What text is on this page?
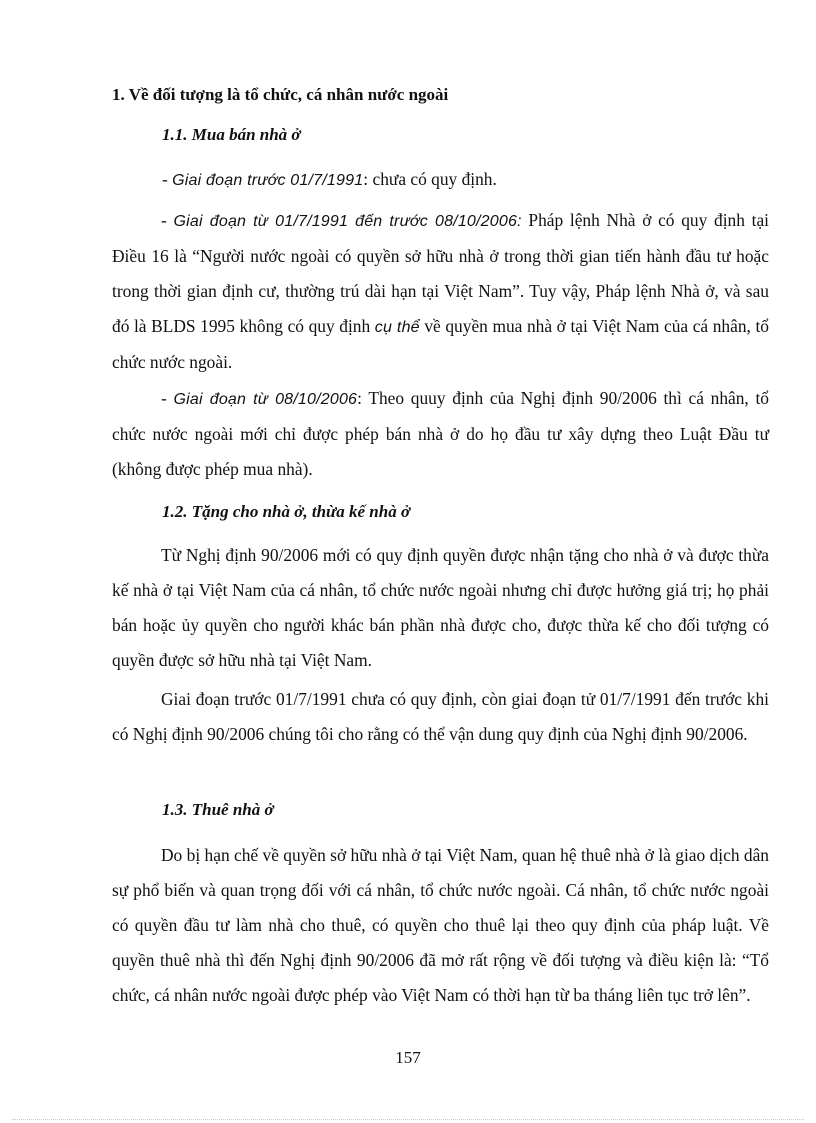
1. Về đối tượng là tổ chức, cá nhân nước ngoài
1.1. Mua bán nhà ở
- Giai đoạn trước 01/7/1991: chưa có quy định.
- Giai đoạn từ 01/7/1991 đến trước 08/10/2006: Pháp lệnh Nhà ở có quy định tại Điều 16 là “Người nước ngoài có quyền sở hữu nhà ở trong thời gian tiến hành đầu tư hoặc trong thời gian định cư, thường trú dài hạn tại Việt Nam”. Tuy vậy, Pháp lệnh Nhà ở, và sau đó là BLDS 1995 không có quy định cụ thể về quyền mua nhà ở tại Việt Nam của cá nhân, tổ chức nước ngoài.
- Giai đoạn từ 08/10/2006: Theo quuy định của Nghị định 90/2006 thì cá nhân, tổ chức nước ngoài mới chỉ được phép bán nhà ở do họ đầu tư xây dựng theo Luật Đầu tư (không được phép mua nhà).
1.2. Tặng cho nhà ở, thừa kế nhà ở
Từ Nghị định 90/2006 mới có quy định quyền được nhận tặng cho nhà ở và được thừa kế nhà ở tại Việt Nam của cá nhân, tổ chức nước ngoài nhưng chỉ được hưởng giá trị; họ phải bán hoặc ủy quyền cho người khác bán phần nhà được cho, được thừa kế cho đối tượng có quyền được sở hữu nhà tại Việt Nam.
Giai đoạn trước 01/7/1991 chưa có quy định, còn giai đoạn tử 01/7/1991 đến trước khi có Nghị định 90/2006 chúng tôi cho rằng có thể vận dung quy định của Nghị định 90/2006.
1.3. Thuê nhà ở
Do bị hạn chế về quyền sở hữu nhà ở tại Việt Nam, quan hệ thuê nhà ở là giao dịch dân sự phổ biến và quan trọng đối với cá nhân, tổ chức nước ngoài. Cá nhân, tổ chức nước ngoài có quyền đầu tư làm nhà cho thuê, có quyền cho thuê lại theo quy định của pháp luật. Về quyền thuê nhà thì đến Nghị định 90/2006 đã mở rất rộng về đối tượng và điều kiện là: “Tổ chức, cá nhân nước ngoài được phép vào Việt Nam có thời hạn từ ba tháng liên tục trở lên”.
157
